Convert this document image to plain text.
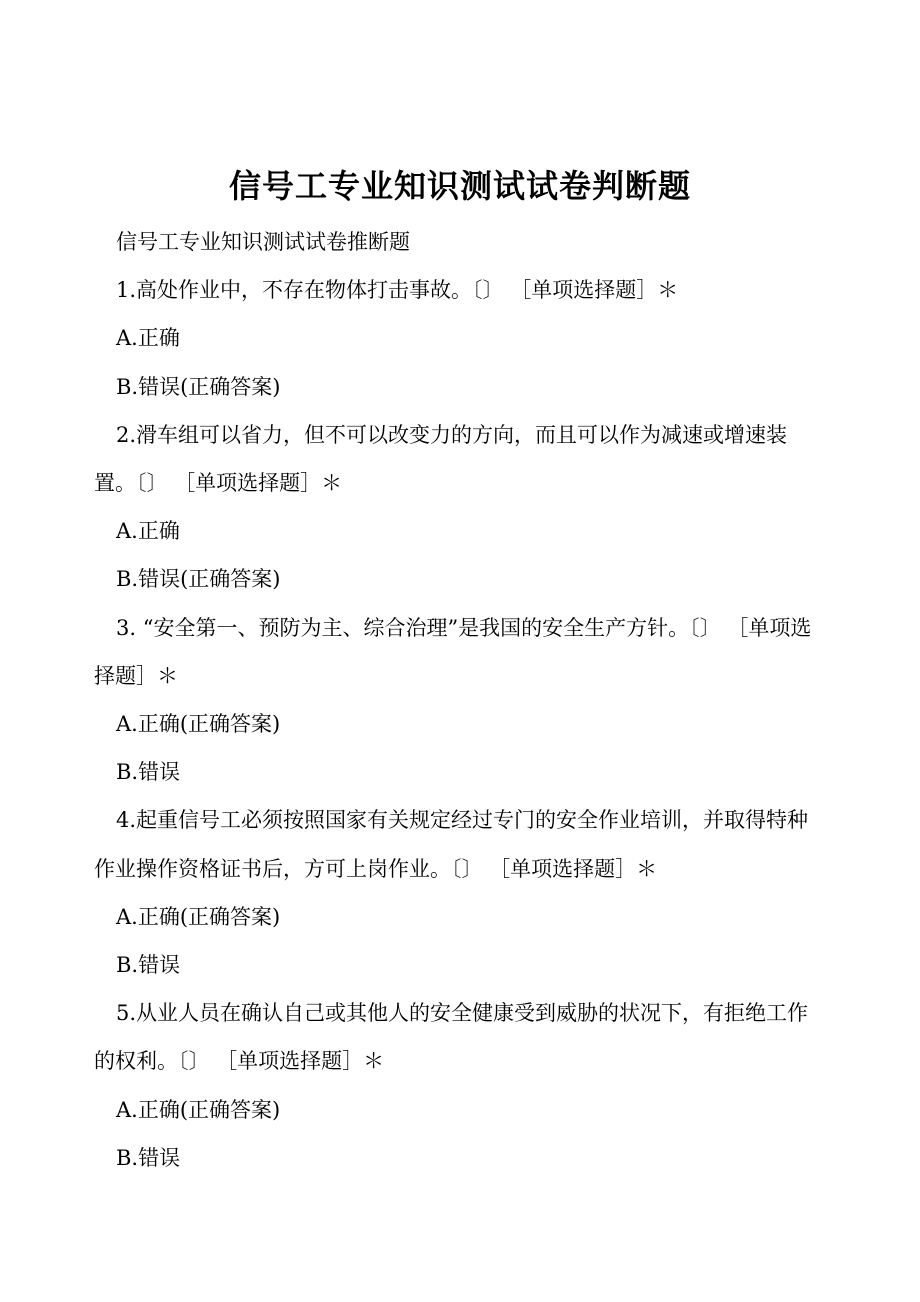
信号工专业知识测试试卷判断题

信号工专业知识测试试卷推断题

1.高处作业中，不存在物体打击事故。〔〕 ［单项选择题］＊

A.正确

B.错误(正确答案)

2.滑车组可以省力，但不可以改变力的方向，而且可以作为减速或增速装置。〔〕 ［单项选择题］＊

A.正确

B.错误(正确答案)

3. “安全第一、预防为主、综合治理”是我国的安全生产方针。〔〕 ［单项选择题］＊

A.正确(正确答案)

B.错误

4.起重信号工必须按照国家有关规定经过专门的安全作业培训，并取得特种作业操作资格证书后，方可上岗作业。〔〕 ［单项选择题］＊

A.正确(正确答案)

B.错误

5.从业人员在确认自己或其他人的安全健康受到威胁的状况下，有拒绝工作的权利。〔〕 ［单项选择题］＊

A.正确(正确答案)

B.错误
